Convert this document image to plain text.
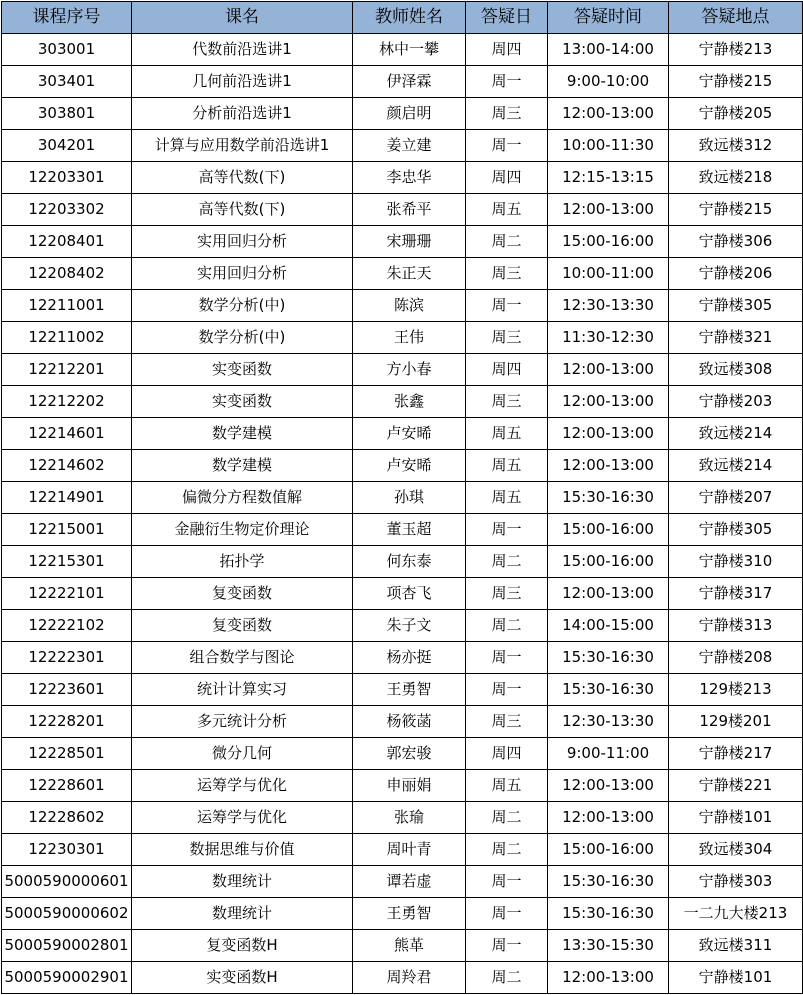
课程序号	课名	教师姓名	答疑日	答疑时间	答疑地点
303001	代数前沿选讲1	林中一攀	周四	13:00-14:00	宁静楼213
303401	几何前沿选讲1	伊泽霖	周一	9:00-10:00	宁静楼215
303801	分析前沿选讲1	颜启明	周三	12:00-13:00	宁静楼205
304201	计算与应用数学前沿选讲1	姜立建	周一	10:00-11:30	致远楼312
12203301	高等代数(下)	李忠华	周四	12:15-13:15	致远楼218
12203302	高等代数(下)	张希平	周五	12:00-13:00	宁静楼215
12208401	实用回归分析	宋珊珊	周二	15:00-16:00	宁静楼306
12208402	实用回归分析	朱正天	周三	10:00-11:00	宁静楼206
12211001	数学分析(中)	陈滨	周一	12:30-13:30	宁静楼305
12211002	数学分析(中)	王伟	周三	11:30-12:30	宁静楼321
12212201	实变函数	方小春	周四	12:00-13:00	致远楼308
12212202	实变函数	张鑫	周三	12:00-13:00	宁静楼203
12214601	数学建模	卢安晞	周五	12:00-13:00	致远楼214
12214602	数学建模	卢安晞	周五	12:00-13:00	致远楼214
12214901	偏微分方程数值解	孙琪	周五	15:30-16:30	宁静楼207
12215001	金融衍生物定价理论	董玉超	周一	15:00-16:00	宁静楼305
12215301	拓扑学	何东泰	周二	15:00-16:00	宁静楼310
12222101	复变函数	项杏飞	周三	12:00-13:00	宁静楼317
12222102	复变函数	朱子文	周二	14:00-15:00	宁静楼313
12222301	组合数学与图论	杨亦挺	周一	15:30-16:30	宁静楼208
12223601	统计计算实习	王勇智	周一	15:30-16:30	129楼213
12228201	多元统计分析	杨筱菡	周三	12:30-13:30	129楼201
12228501	微分几何	郭宏骏	周四	9:00-11:00	宁静楼217
12228601	运筹学与优化	申丽娟	周五	12:00-13:00	宁静楼221
12228602	运筹学与优化	张瑜	周二	12:00-13:00	宁静楼101
12230301	数据思维与价值	周叶青	周二	15:00-16:00	致远楼304
5000590000601	数理统计	谭若虚	周一	15:30-16:30	宁静楼303
5000590000602	数理统计	王勇智	周一	15:30-16:30	一二九大楼213
5000590002801	复变函数H	熊革	周一	13:30-15:30	致远楼311
5000590002901	实变函数H	周羚君	周二	12:00-13:00	宁静楼101
